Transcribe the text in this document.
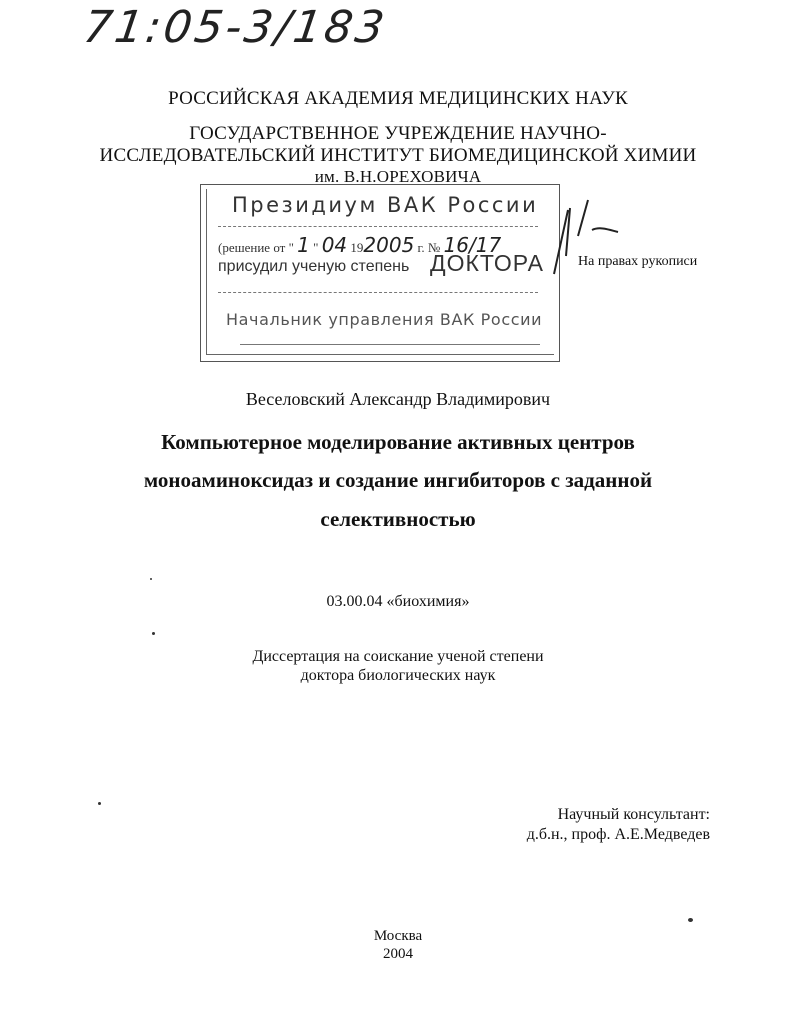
71:05-3/183
РОССИЙСКАЯ АКАДЕМИЯ МЕДИЦИНСКИХ НАУК
ГОСУДАРСТВЕННОЕ УЧРЕЖДЕНИЕ НАУЧНО-
ИССЛЕДОВАТЕЛЬСКИЙ ИНСТИТУТ БИОМЕДИЦИНСКОЙ ХИМИИ
им. В.Н.ОРЕХОВИЧА
Президиум ВАК России
(решение от " 1 " 04 192005 г. № 16/17
присудил ученую степень ДОКТОРА
Начальник управления ВАК России
На правах рукописи
Веселовский Александр Владимирович
Компьютерное моделирование активных центров
моноаминоксидаз и создание ингибиторов с заданной
селективностью
03.00.04 «биохимия»
Диссертация на соискание ученой степени
доктора биологических наук
Научный консультант:
д.б.н., проф. А.Е.Медведев
Москва
2004
